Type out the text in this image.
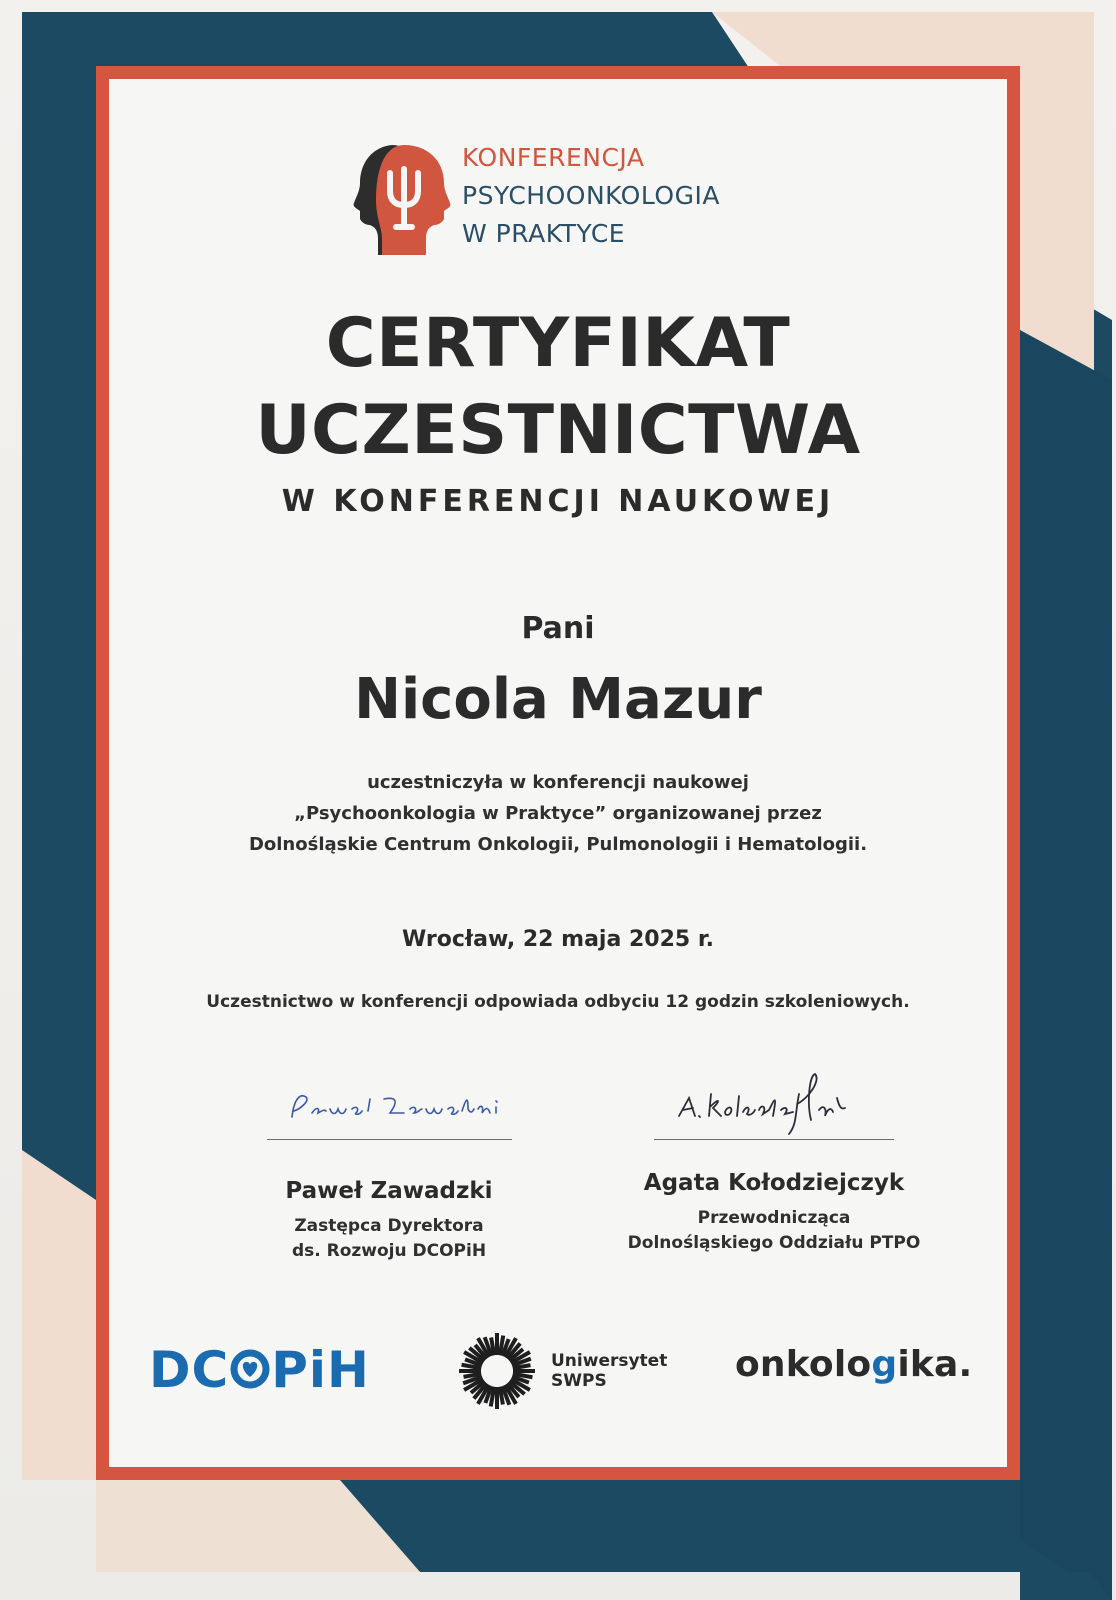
KONFERENCJA
PSYCHOONKOLOGIA
W PRAKTYCE
CERTYFIKAT
UCZESTNICTWA
W KONFERENCJI NAUKOWEJ
Pani
Nicola Mazur
uczestniczyła w konferencji naukowej
„Psychoonkologia w Praktyce” organizowanej przez
Dolnośląskie Centrum Onkologii, Pulmonologii i Hematologii.
Wrocław, 22 maja 2025 r.
Uczestnictwo w konferencji odpowiada odbyciu 12 godzin szkoleniowych.
Paweł Zawadzki
Zastępca Dyrektora
ds. Rozwoju DCOPiH
Agata Kołodziejczyk
Przewodnicząca
Dolnośląskiego Oddziału PTPO
DC PiH	Uniwersytet
SWPS	onkologika.
